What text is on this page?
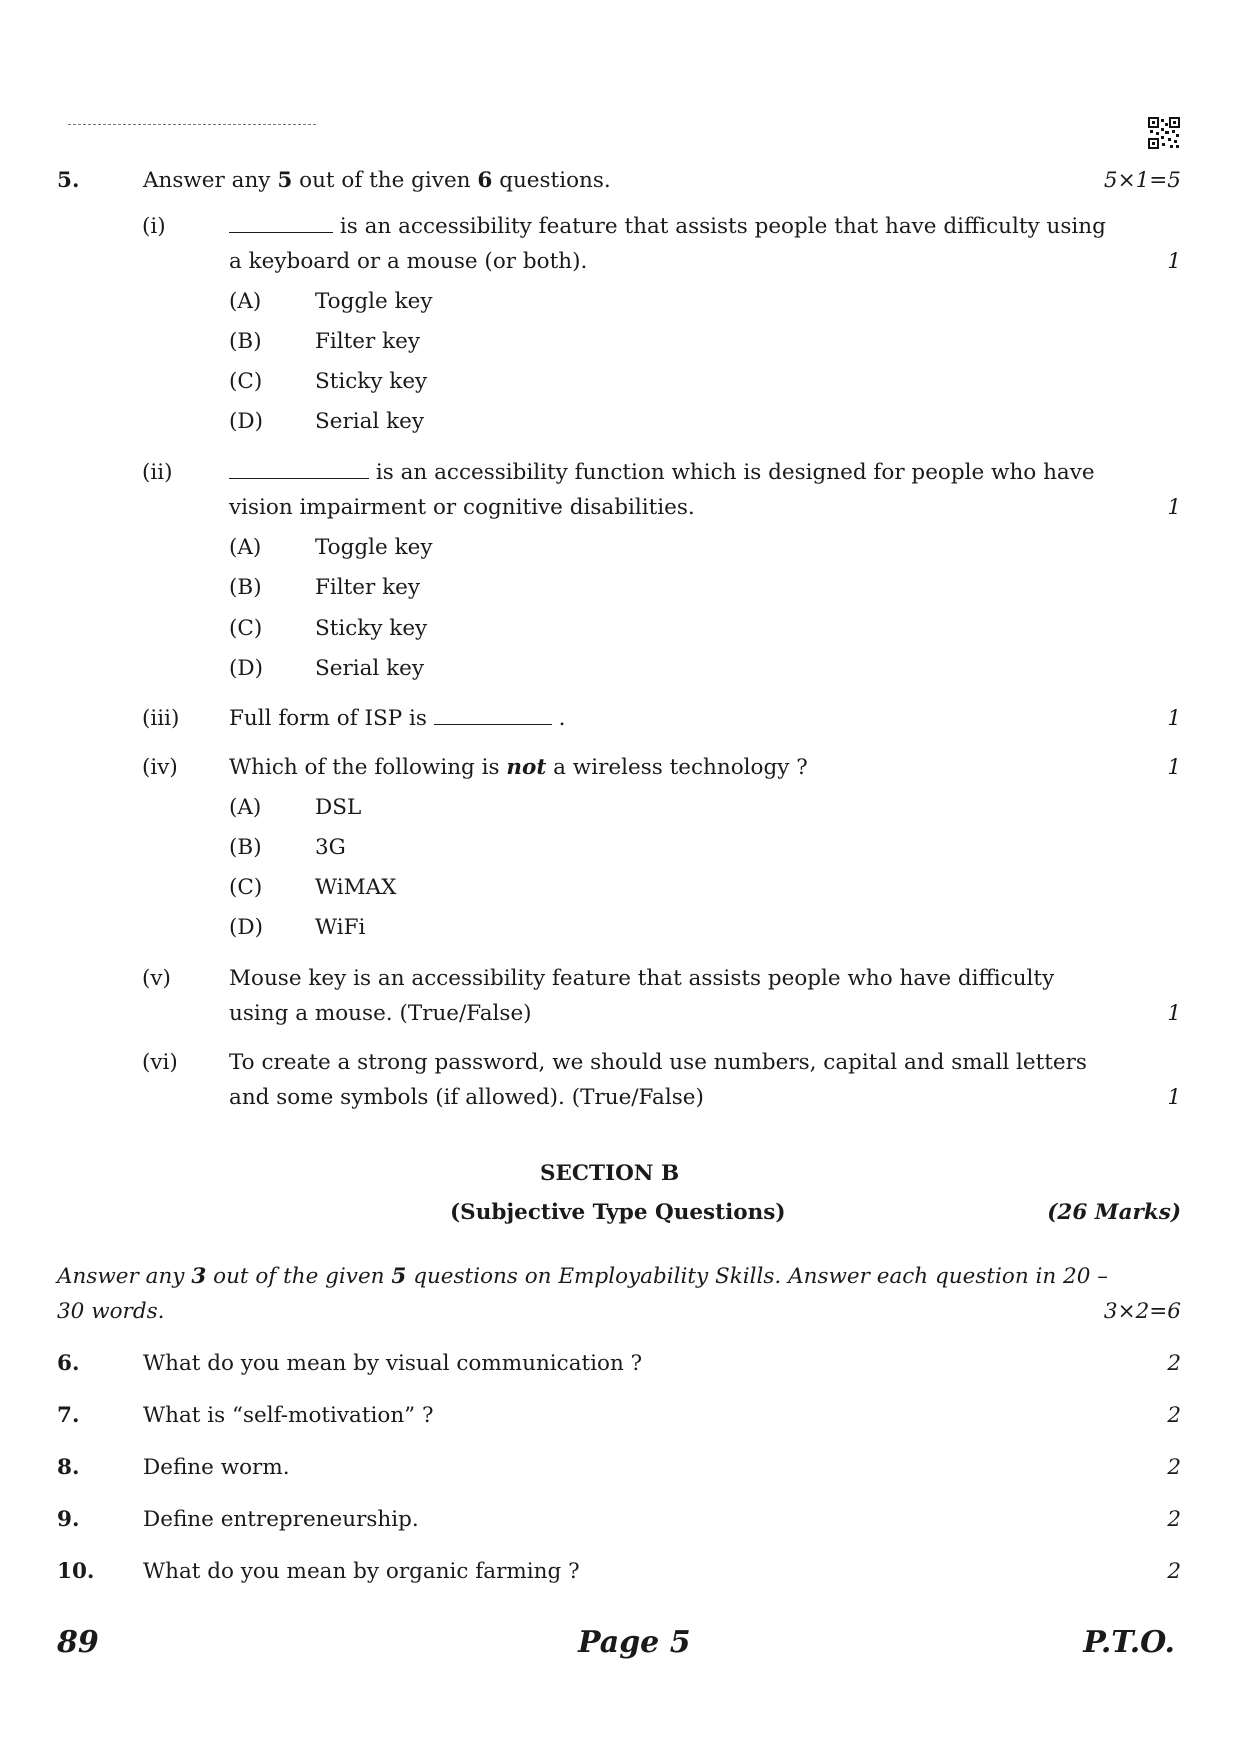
5.	Answer any 5 out of the given 6 questions.	5×1=5
(i)	is an accessibility feature that assists people that have difficulty using
a keyboard or a mouse (or both).	1
(A) Toggle key
(B) Filter key
(C) Sticky key
(D) Serial key
(ii)	is an accessibility function which is designed for people who have
vision impairment or cognitive disabilities.	1
(A) Toggle key
(B) Filter key
(C) Sticky key
(D) Serial key
(iii) Full form of ISP is	.	1
(iv) Which of the following is not a wireless technology ?	1
(A) DSL
(B) 3G
(C) WiMAX
(D) WiFi
(v)	Mouse key is an accessibility feature that assists people who have difficulty
using a mouse. (True/False)	1
(vi) To create a strong password, we should use numbers, capital and small letters
and some symbols (if allowed). (True/False)	1
SECTION B
(Subjective Type Questions)	(26 Marks)
Answer any 3 out of the given 5 questions on Employability Skills. Answer each question in 20 –
30 words.	3×2=6
6.	What do you mean by visual communication ?	2
7.	What is “self-motivation” ?	2
8.	Define worm.	2
9.	Define entrepreneurship.	2
10. What do you mean by organic farming ?	2
89	Page 5	P.T.O.
